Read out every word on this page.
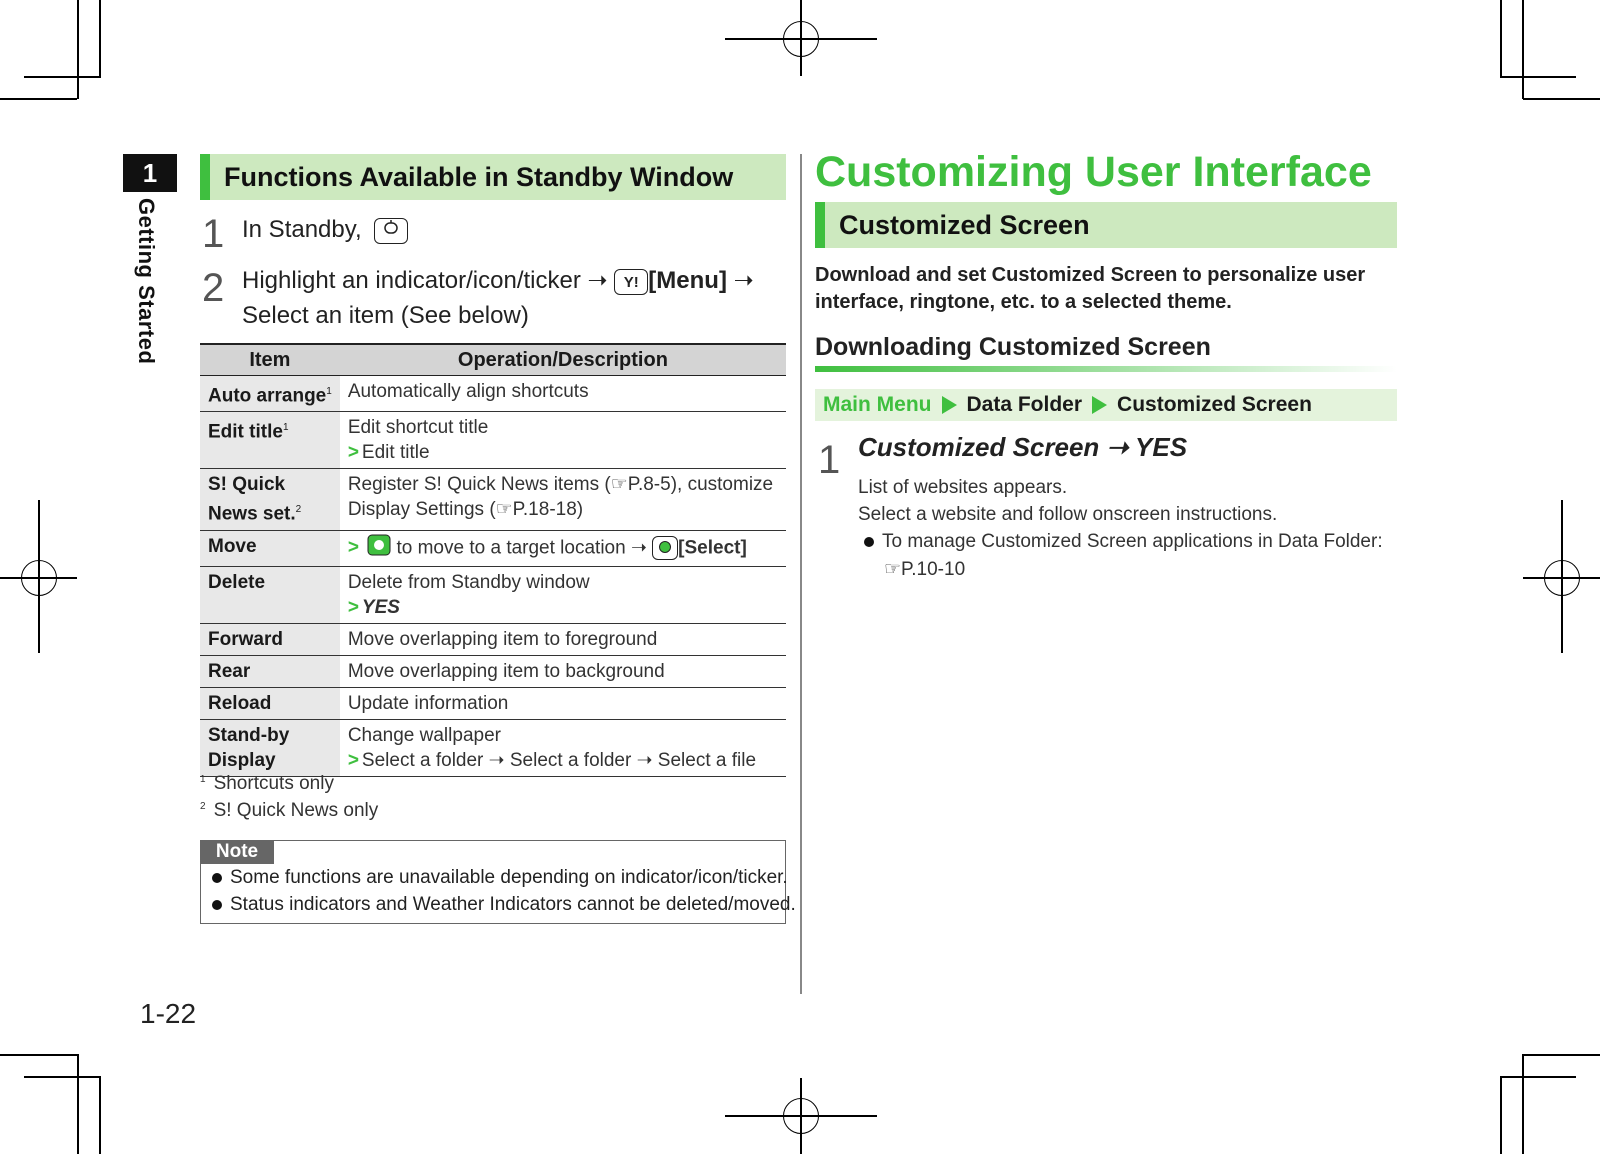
1
Getting Started
Functions Available in Standby Window
1 In Standby,
2 Highlight an indicator/icon/ticker ➝ Y! [Menu] ➝
Select an item (See below)
Item	Operation/Description
Auto arrange$^1$	Automatically align shortcuts
Edit title$^1$	Edit shortcut title
> Edit title

S! Quick News set.$^2$	Register S! Quick News items (☞P.8-5), customize Display Settings (☞P.18-18)
Move	> to move to a target location ➝ [Select]
Delete	Delete from Standby window
> YES

Forward	Move overlapping item to foreground
Rear	Move overlapping item to background
Reload	Update information
Stand-by Display	Change wallpaper
> Select a folder ➝ Select a folder ➝ Select a file
$^1$ Shortcuts only
$^2$ S! Quick News only
Note
Some functions are unavailable depending on indicator/icon/ticker.
Status indicators and Weather Indicators cannot be deleted/moved.
Customizing User Interface
Customized Screen
Download and set Customized Screen to personalize user interface, ringtone, etc. to a selected theme.
Downloading Customized Screen
Main Menu Data Folder Customized Screen
1 Customized Screen ➝ YES
List of websites appears.
Select a website and follow onscreen instructions.
To manage Customized Screen applications in Data Folder:
☞P.10-10
1-22
